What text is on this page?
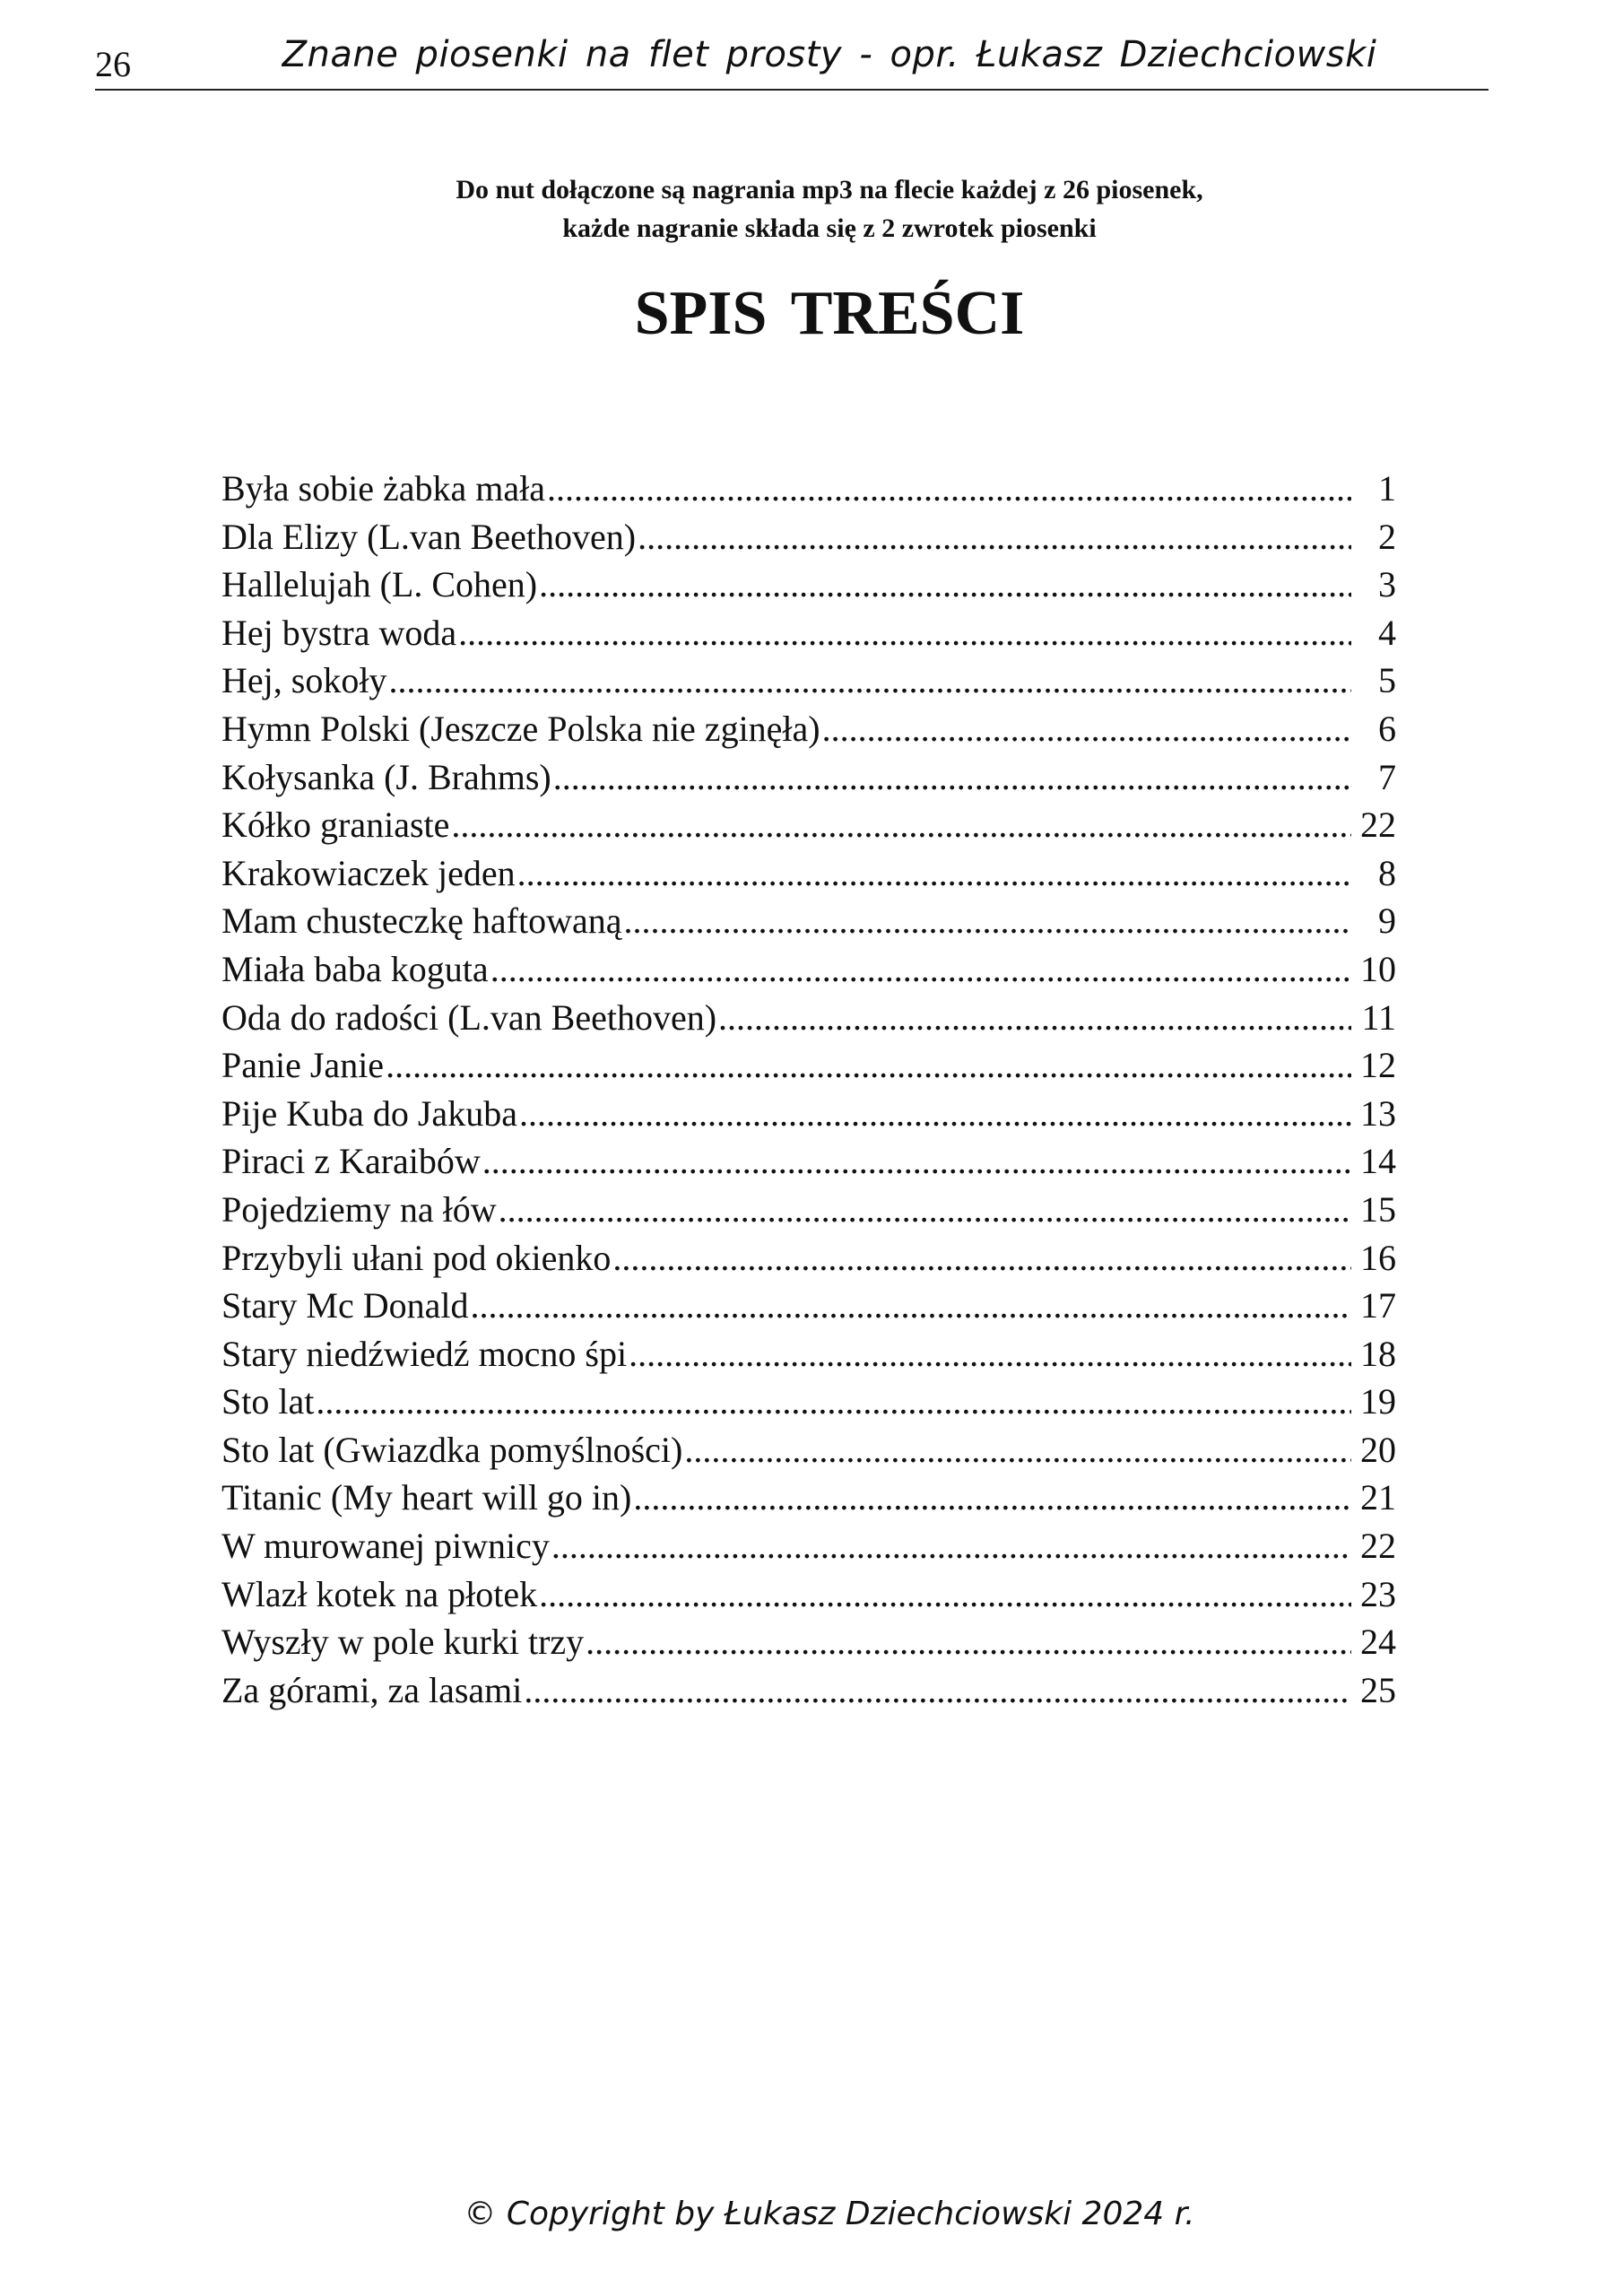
26	Znane piosenki na flet prosty - opr. Łukasz Dziechciowski
Do nut dołączone są nagrania mp3 na flecie każdej z 26 piosenek,
każde nagranie składa się z 2 zwrotek piosenki
SPIS TREŚCI
Była sobie żabka mała .....	1
Dla Elizy (L.van Beethoven) .....	2
Hallelujah (L. Cohen) .....	3
Hej bystra woda .....	4
Hej, sokoły .....	5
Hymn Polski (Jeszcze Polska nie zginęła) .....	6
Kołysanka (J. Brahms) .....	7
Kółko graniaste .....	22
Krakowiaczek jeden .....	8
Mam chusteczkę haftowaną .....	9
Miała baba koguta .....	10
Oda do radości (L.van Beethoven) .....	11
Panie Janie .....	12
Pije Kuba do Jakuba .....	13
Piraci z Karaibów .....	14
Pojedziemy na łów .....	15
Przybyli ułani pod okienko .....	16
Stary Mc Donald .....	17
Stary niedźwiedź mocno śpi .....	18
Sto lat .....	19
Sto lat (Gwiazdka pomyślności) .....	20
Titanic (My heart will go in) .....	21
W murowanej piwnicy .....	22
Wlazł kotek na płotek .....	23
Wyszły w pole kurki trzy .....	24
Za górami, za lasami .....	25
© Copyright by Łukasz Dziechciowski 2024 r.
